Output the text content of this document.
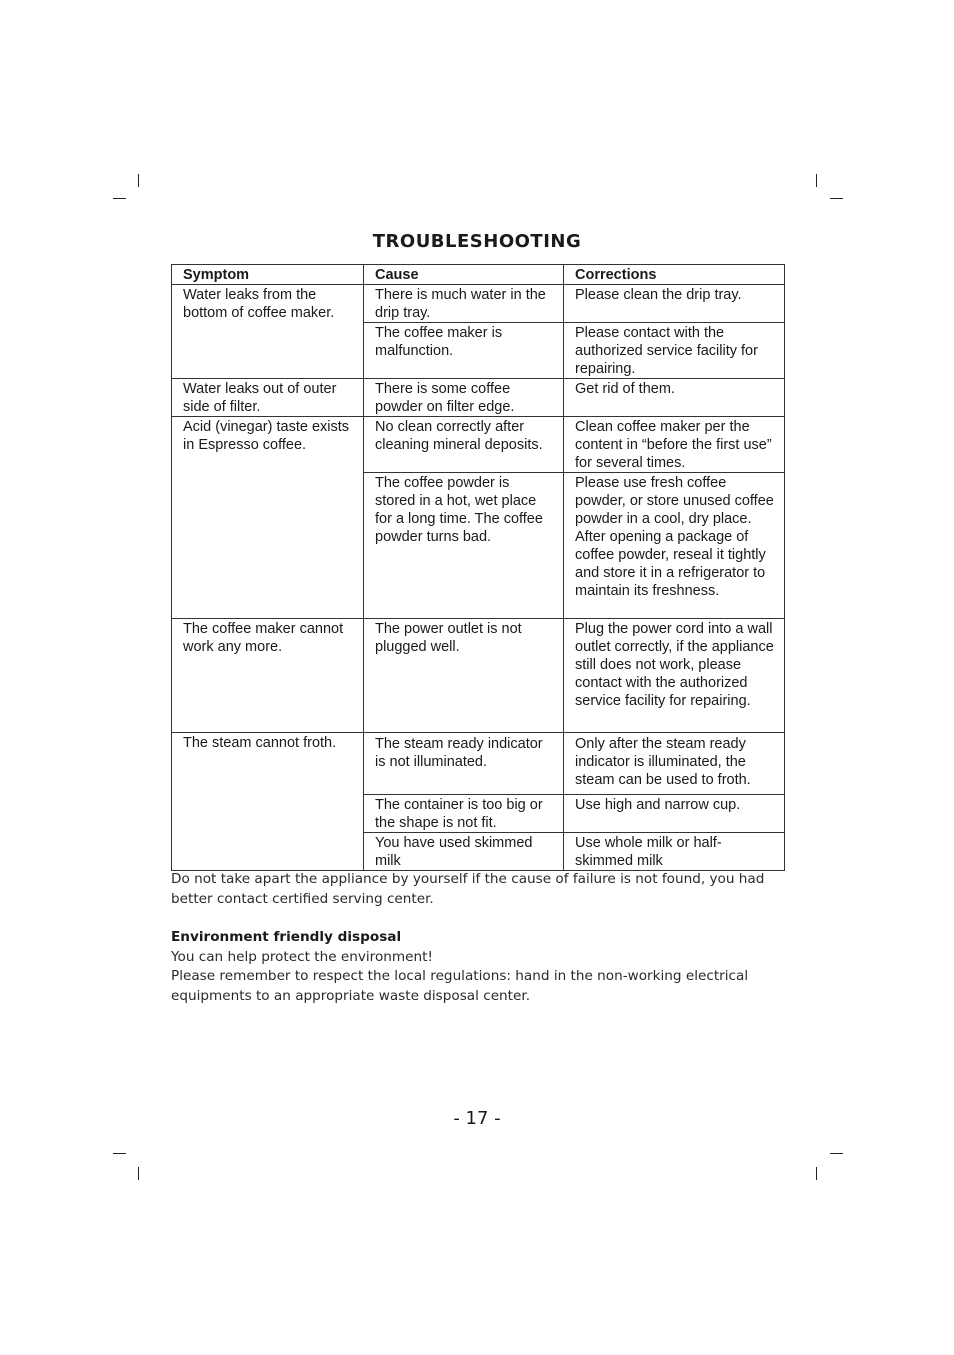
TROUBLESHOOTING
Symptom	Cause	Corrections
Water leaks from the bottom of coffee maker.	There is much water in the drip tray.	Please clean the drip tray.
	The coffee maker is malfunction.	Please contact with the authorized service facility for repairing.
Water leaks out of outer side of filter.	There is some coffee powder on filter edge.	Get rid of them.
Acid (vinegar) taste exists in Espresso coffee.	No clean correctly after cleaning mineral deposits.	Clean coffee maker per the content in “before the first use” for several times.
	The coffee powder is stored in a hot, wet place for a long time. The coffee powder turns bad.	Please use fresh coffee powder, or store unused coffee powder in a cool, dry place. After opening a package of coffee powder, reseal it tightly and store it in a refrigerator to maintain its freshness.
The coffee maker cannot work any more.	The power outlet is not plugged well.	Plug the power cord into a wall outlet correctly, if the appliance still does not work, please contact with the authorized service facility for repairing.
The steam cannot froth.	The steam ready indicator is not illuminated.	Only after the steam ready indicator is illuminated, the steam can be used to froth.
	The container is too big or the shape is not fit.	Use high and narrow cup.
	You have used skimmed milk	Use whole milk or half-skimmed milk
Do not take apart the appliance by yourself if the cause of failure is not found, you had better contact certified serving center.
Environment friendly disposal
You can help protect the environment!
Please remember to respect the local regulations: hand in the non-working electrical equipments to an appropriate waste disposal center.
- 17 -
